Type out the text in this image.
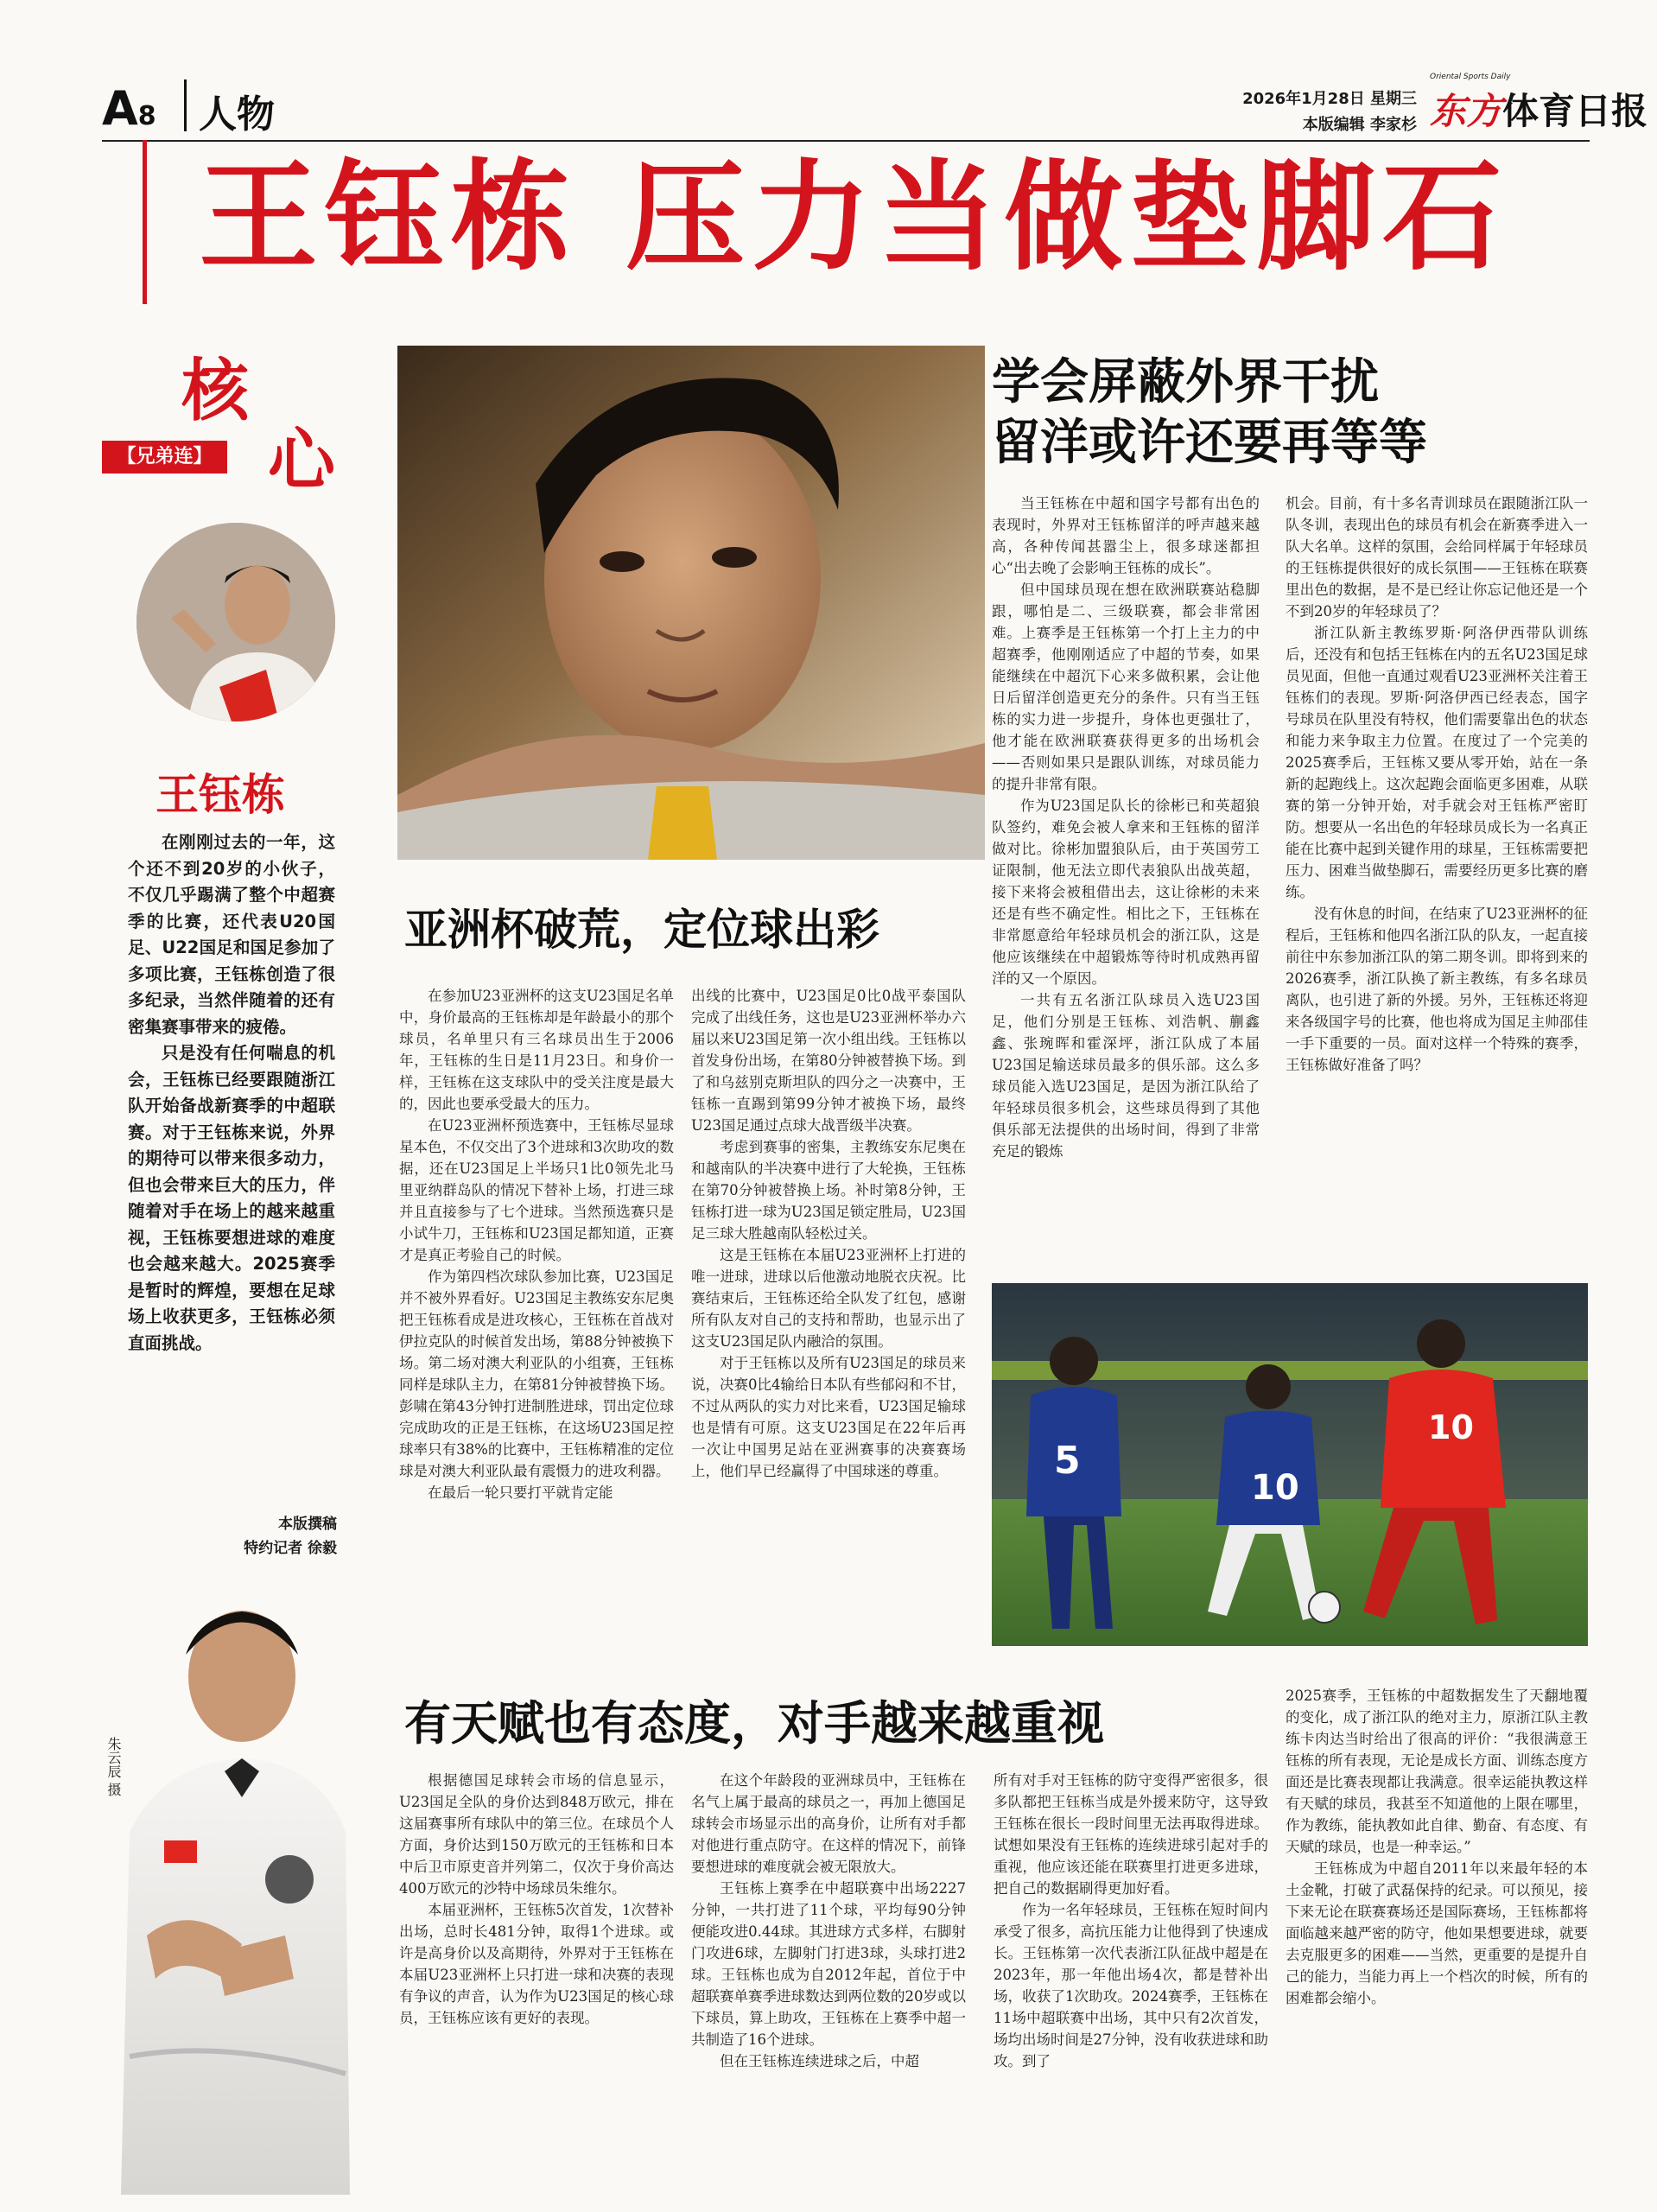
A8 人物	2026年1月28日 星期三
本版编辑 李家杉
Oriental Sports Daily
东方体育日报
王钰栋 压力当做垫脚石
核
心
【兄弟连】
王钰栋

在刚刚过去的一年，这个还不到20岁的小伙子，不仅几乎踢满了整个中超赛季的比赛，还代表U20国足、U22国足和国足参加了多项比赛，王钰栋创造了很多纪录，当然伴随着的还有密集赛事带来的疲倦。

只是没有任何喘息的机会，王钰栋已经要跟随浙江队开始备战新赛季的中超联赛。对于王钰栋来说，外界的期待可以带来很多动力，但也会带来巨大的压力，伴随着对手在场上的越来越重视，王钰栋要想进球的难度也会越来越大。2025赛季是暂时的辉煌，要想在足球场上收获更多，王钰栋必须直面挑战。

本版撰稿
特约记者 徐毅
朱云辰 摄
学会屏蔽外界干扰
留洋或许还要再等等

当王钰栋在中超和国字号都有出色的表现时，外界对王钰栋留洋的呼声越来越高，各种传闻甚嚣尘上，很多球迷都担心“出去晚了会影响王钰栋的成长”。

但中国球员现在想在欧洲联赛站稳脚跟，哪怕是二、三级联赛，都会非常困难。上赛季是王钰栋第一个打上主力的中超赛季，他刚刚适应了中超的节奏，如果能继续在中超沉下心来多做积累，会让他日后留洋创造更充分的条件。只有当王钰栋的实力进一步提升，身体也更强壮了，他才能在欧洲联赛获得更多的出场机会——否则如果只是跟队训练，对球员能力的提升非常有限。

作为U23国足队长的徐彬已和英超狼队签约，难免会被人拿来和王钰栋的留洋做对比。徐彬加盟狼队后，由于英国劳工证限制，他无法立即代表狼队出战英超，接下来将会被租借出去，这让徐彬的未来还是有些不确定性。相比之下，王钰栋在非常愿意给年轻球员机会的浙江队，这是他应该继续在中超锻炼等待时机成熟再留洋的又一个原因。

一共有五名浙江队球员入选U23国足，他们分别是王钰栋、刘浩帆、蒯鑫鑫、张琬晖和霍深坪，浙江队成了本届U23国足输送球员最多的俱乐部。这么多球员能入选U23国足，是因为浙江队给了年轻球员很多机会，这些球员得到了其他俱乐部无法提供的出场时间，得到了非常充足的锻炼

机会。目前，有十多名青训球员在跟随浙江队一队冬训，表现出色的球员有机会在新赛季进入一队大名单。这样的氛围，会给同样属于年轻球员的王钰栋提供很好的成长氛围——王钰栋在联赛里出色的数据，是不是已经让你忘记他还是一个不到20岁的年轻球员了？

浙江队新主教练罗斯·阿洛伊西带队训练后，还没有和包括王钰栋在内的五名U23国足球员见面，但他一直通过观看U23亚洲杯关注着王钰栋们的表现。罗斯·阿洛伊西已经表态，国字号球员在队里没有特权，他们需要靠出色的状态和能力来争取主力位置。在度过了一个完美的2025赛季后，王钰栋又要从零开始，站在一条新的起跑线上。这次起跑会面临更多困难，从联赛的第一分钟开始，对手就会对王钰栋严密盯防。想要从一名出色的年轻球员成长为一名真正能在比赛中起到关键作用的球星，王钰栋需要把压力、困难当做垫脚石，需要经历更多比赛的磨练。

没有休息的时间，在结束了U23亚洲杯的征程后，王钰栋和他四名浙江队的队友，一起直接前往中东参加浙江队的第二期冬训。即将到来的2026赛季，浙江队换了新主教练，有多名球员离队，也引进了新的外援。另外，王钰栋还将迎来各级国字号的比赛，他也将成为国足主帅邵佳一手下重要的一员。面对这样一个特殊的赛季，王钰栋做好准备了吗？

亚洲杯破荒，定位球出彩

在参加U23亚洲杯的这支U23国足名单中，身价最高的王钰栋却是年龄最小的那个球员，名单里只有三名球员出生于2006年，王钰栋的生日是11月23日。和身价一样，王钰栋在这支球队中的受关注度是最大的，因此也要承受最大的压力。

在U23亚洲杯预选赛中，王钰栋尽显球星本色，不仅交出了3个进球和3次助攻的数据，还在U23国足上半场只1比0领先北马里亚纳群岛队的情况下替补上场，打进三球并且直接参与了七个进球。当然预选赛只是小试牛刀，王钰栋和U23国足都知道，正赛才是真正考验自己的时候。

作为第四档次球队参加比赛，U23国足并不被外界看好。U23国足主教练安东尼奥把王钰栋看成是进攻核心，王钰栋在首战对伊拉克队的时候首发出场，第88分钟被换下场。第二场对澳大利亚队的小组赛，王钰栋同样是球队主力，在第81分钟被替换下场。彭啸在第43分钟打进制胜进球，罚出定位球完成助攻的正是王钰栋，在这场U23国足控球率只有38%的比赛中，王钰栋精准的定位球是对澳大利亚队最有震慑力的进攻利器。

在最后一轮只要打平就肯定能

出线的比赛中，U23国足0比0战平泰国队完成了出线任务，这也是U23亚洲杯举办六届以来U23国足第一次小组出线。王钰栋以首发身份出场，在第80分钟被替换下场。到了和乌兹别克斯坦队的四分之一决赛中，王钰栋一直踢到第99分钟才被换下场，最终U23国足通过点球大战晋级半决赛。

考虑到赛事的密集，主教练安东尼奥在和越南队的半决赛中进行了大轮换，王钰栋在第70分钟被替换上场。补时第8分钟，王钰栋打进一球为U23国足锁定胜局，U23国足三球大胜越南队轻松过关。

这是王钰栋在本届U23亚洲杯上打进的唯一进球，进球以后他激动地脱衣庆祝。比赛结束后，王钰栋还给全队发了红包，感谢所有队友对自己的支持和帮助，也显示出了这支U23国足队内融洽的氛围。

对于王钰栋以及所有U23国足的球员来说，决赛0比4输给日本队有些郁闷和不甘，不过从两队的实力对比来看，U23国足输球也是情有可原。这支U23国足在22年后再一次让中国男足站在亚洲赛事的决赛赛场上，他们早已经赢得了中国球迷的尊重。	5
10
10
有天赋也有态度，对手越来越重视

根据德国足球转会市场的信息显示，U23国足全队的身价达到848万欧元，排在这届赛事所有球队中的第三位。在球员个人方面，身价达到150万欧元的王钰栋和日本中后卫市原吏音并列第二，仅次于身价高达400万欧元的沙特中场球员朱维尔。

本届亚洲杯，王钰栋5次首发，1次替补出场，总时长481分钟，取得1个进球。或许是高身价以及高期待，外界对于王钰栋在本届U23亚洲杯上只打进一球和决赛的表现有争议的声音，认为作为U23国足的核心球员，王钰栋应该有更好的表现。

在这个年龄段的亚洲球员中，王钰栋在名气上属于最高的球员之一，再加上德国足球转会市场显示出的高身价，让所有对手都对他进行重点防守。在这样的情况下，前锋要想进球的难度就会被无限放大。

王钰栋上赛季在中超联赛中出场2227分钟，一共打进了11个球，平均每90分钟便能攻进0.44球。其进球方式多样，右脚射门攻进6球，左脚射门打进3球，头球打进2球。王钰栋也成为自2012年起，首位于中超联赛单赛季进球数达到两位数的20岁或以下球员，算上助攻，王钰栋在上赛季中超一共制造了16个进球。

但在王钰栋连续进球之后，中超

所有对手对王钰栋的防守变得严密很多，很多队都把王钰栋当成是外援来防守，这导致王钰栋在很长一段时间里无法再取得进球。试想如果没有王钰栋的连续进球引起对手的重视，他应该还能在联赛里打进更多进球，把自己的数据刷得更加好看。

作为一名年轻球员，王钰栋在短时间内承受了很多，高抗压能力让他得到了快速成长。王钰栋第一次代表浙江队征战中超是在2023年，那一年他出场4次，都是替补出场，收获了1次助攻。2024赛季，王钰栋在11场中超联赛中出场，其中只有2次首发，场均出场时间是27分钟，没有收获进球和助攻。到了

2025赛季，王钰栋的中超数据发生了天翻地覆的变化，成了浙江队的绝对主力，原浙江队主教练卡肉达当时给出了很高的评价：“我很满意王钰栋的所有表现，无论是成长方面、训练态度方面还是比赛表现都让我满意。很幸运能执教这样有天赋的球员，我甚至不知道他的上限在哪里，作为教练，能执教如此自律、勤奋、有态度、有天赋的球员，也是一种幸运。”

王钰栋成为中超自2011年以来最年轻的本土金靴，打破了武磊保持的纪录。可以预见，接下来无论在联赛赛场还是国际赛场，王钰栋都将面临越来越严密的防守，他如果想要进球，就要去克服更多的困难——当然，更重要的是提升自己的能力，当能力再上一个档次的时候，所有的困难都会缩小。
